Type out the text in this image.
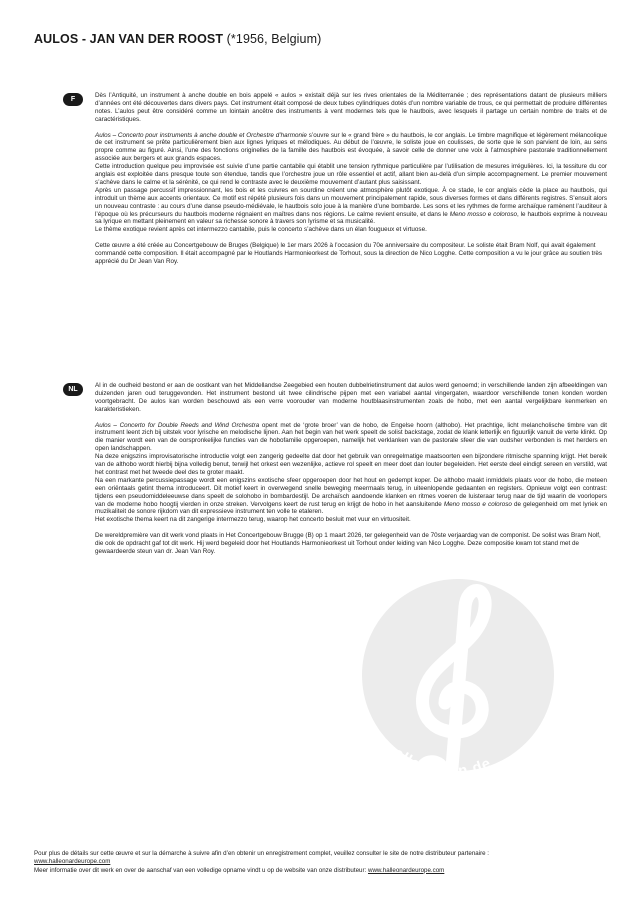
AULOS - JAN VAN DER ROOST (*1956, Belgium)
F

Dès l’Antiquité, un instrument à anche double en bois appelé « aulos » existait déjà sur les rives orientales de la Méditerranée ; des représentations datant de plusieurs milliers d’années ont été découvertes dans divers pays. Cet instrument était composé de deux tubes cylindriques dotés d’un nombre variable de trous, ce qui permettait de produire différentes notes. L’aulos peut être considéré comme un lointain ancêtre des instruments à vent modernes tels que le hautbois, avec lesquels il partage un certain nombre de traits et de caractéristiques.

Aulos – Concerto pour instruments à anche double et Orchestre d’harmonie s’ouvre sur le « grand frère » du hautbois, le cor anglais. Le timbre magnifique et légèrement mélancolique de cet instrument se prête particulièrement bien aux lignes lyriques et mélodiques. Au début de l’œuvre, le soliste joue en coulisses, de sorte que le son parvient de loin, au sens propre comme au figuré. Ainsi, l’une des fonctions originelles de la famille des hautbois est évoquée, à savoir celle de donner une voix à l’atmosphère pastorale traditionnellement associée aux bergers et aux grands espaces.

Cette introduction quelque peu improvisée est suivie d’une partie cantabile qui établit une tension rythmique particulière par l’utilisation de mesures irrégulières. Ici, la tessiture du cor anglais est exploitée dans presque toute son étendue, tandis que l’orchestre joue un rôle essentiel et actif, allant bien au-delà d’un simple accompagnement. Le premier mouvement s’achève dans le calme et la sérénité, ce qui rend le contraste avec le deuxième mouvement d’autant plus saisissant.

Après un passage percussif impressionnant, les bois et les cuivres en sourdine créent une atmosphère plutôt exotique. À ce stade, le cor anglais cède la place au hautbois, qui introduit un thème aux accents orientaux. Ce motif est répété plusieurs fois dans un mouvement principalement rapide, sous diverses formes et dans différents registres. S’ensuit alors un nouveau contraste : au cours d’une danse pseudo-médiévale, le hautbois solo joue à la manière d’une bombarde. Les sons et les rythmes de forme archaïque ramènent l’auditeur à l’époque où les précurseurs du hautbois moderne régnaient en maîtres dans nos régions. Le calme revient ensuite, et dans le Meno mosso e coloroso, le hautbois exprime à nouveau sa lyrique en mettant pleinement en valeur sa richesse sonore à travers son lyrisme et sa musicalité.

Le thème exotique revient après cet intermezzo cantabile, puis le concerto s’achève dans un élan fougueux et virtuose.

Cette œuvre a été créée au Concertgebouw de Bruges (Belgique) le 1er mars 2026 à l’occasion du 70e anniversaire du compositeur. Le soliste était Bram Nolf, qui avait également commandé cette composition. Il était accompagné par le Houtlands Harmonieorkest de Torhout, sous la direction de Nico Logghe. Cette composition a vu le jour grâce au soutien très apprécié du Dr Jean Van Roy.

NL

Al in de oudheid bestond er aan de oostkant van het Middellandse Zeegebied een houten dubbelrietinstrument dat aulos werd genoemd; in verschillende landen zijn afbeeldingen van duizenden jaren oud teruggevonden. Het instrument bestond uit twee cilindrische pijpen met een variabel aantal vingergaten, waardoor verschillende tonen konden worden voortgebracht. De aulos kan worden beschouwd als een verre voorouder van moderne houtblaasinstrumenten zoals de hobo, met een aantal vergelijkbare kenmerken en karakteristieken.

Aulos – Concerto for Double Reeds and Wind Orchestra opent met de ‘grote broer’ van de hobo, de Engelse hoorn (althobo). Het prachtige, licht melancholische timbre van dit instrument leent zich bij uitstek voor lyrische en melodische lijnen. Aan het begin van het werk speelt de solist backstage, zodat de klank letterlijk en figuurlijk vanuit de verte klinkt. Op die manier wordt een van de oorspronkelijke functies van de hobofamilie opgeroepen, namelijk het verklanken van de pastorale sfeer die van oudsher verbonden is met herders en open landschappen.

Na deze enigszins improvisatorische introductie volgt een zangerig gedeelte dat door het gebruik van onregelmatige maatsoorten een bijzondere ritmische spanning krijgt. Het bereik van de althobo wordt hierbij bijna volledig benut, terwijl het orkest een wezenlijke, actieve rol speelt en meer doet dan louter begeleiden. Het eerste deel eindigt sereen en verstild, wat het contrast met het tweede deel des te groter maakt.

Na een markante percussiepassage wordt een enigszins exotische sfeer opgeroepen door het hout en gedempt koper. De althobo maakt inmiddels plaats voor de hobo, die meteen een oriëntaals getint thema introduceert. Dit motief keert in overwegend snelle beweging meermaals terug, in uiteenlopende gedaanten en registers. Opnieuw volgt een contrast: tijdens een pseudomiddeleeuwse dans speelt de solohobo in bombardestijl. De archaïsch aandoende klanken en ritmes voeren de luisteraar terug naar de tijd waarin de voorlopers van de moderne hobo hoogtij vierden in onze streken. Vervolgens keert de rust terug en krijgt de hobo in het aansluitende Meno mosso e coloroso de gelegenheid om met lyriek en muzikaliteit de sonore rijkdom van dit expressieve instrument ten volle te etaleren.

Het exotische thema keert na dit zangerige intermezzo terug, waarop het concerto besluit met vuur en virtuositeit.

De wereldpremière van dit werk vond plaats in Het Concertgebouw Brugge (B) op 1 maart 2026, ter gelegenheid van de 70ste verjaardag van de componist. De solist was Bram Nolf, die ook de opdracht gaf tot dit werk. Hij werd begeleid door het Houtlands Harmonieorkest uit Torhout onder leiding van Nico Logghe. Deze compositie kwam tot stand met de gewaardeerde steun van dr. Jean Van Roy.

alle-noten.de

Pour plus de détails sur cette œuvre et sur la démarche à suivre afin d’en obtenir un enregistrement complet, veuillez consulter le site de notre distributeur partenaire :

www.halleonardeurope.com

Meer informatie over dit werk en over de aanschaf van een volledige opname vindt u op de website van onze distributeur: www.halleonardeurope.com
